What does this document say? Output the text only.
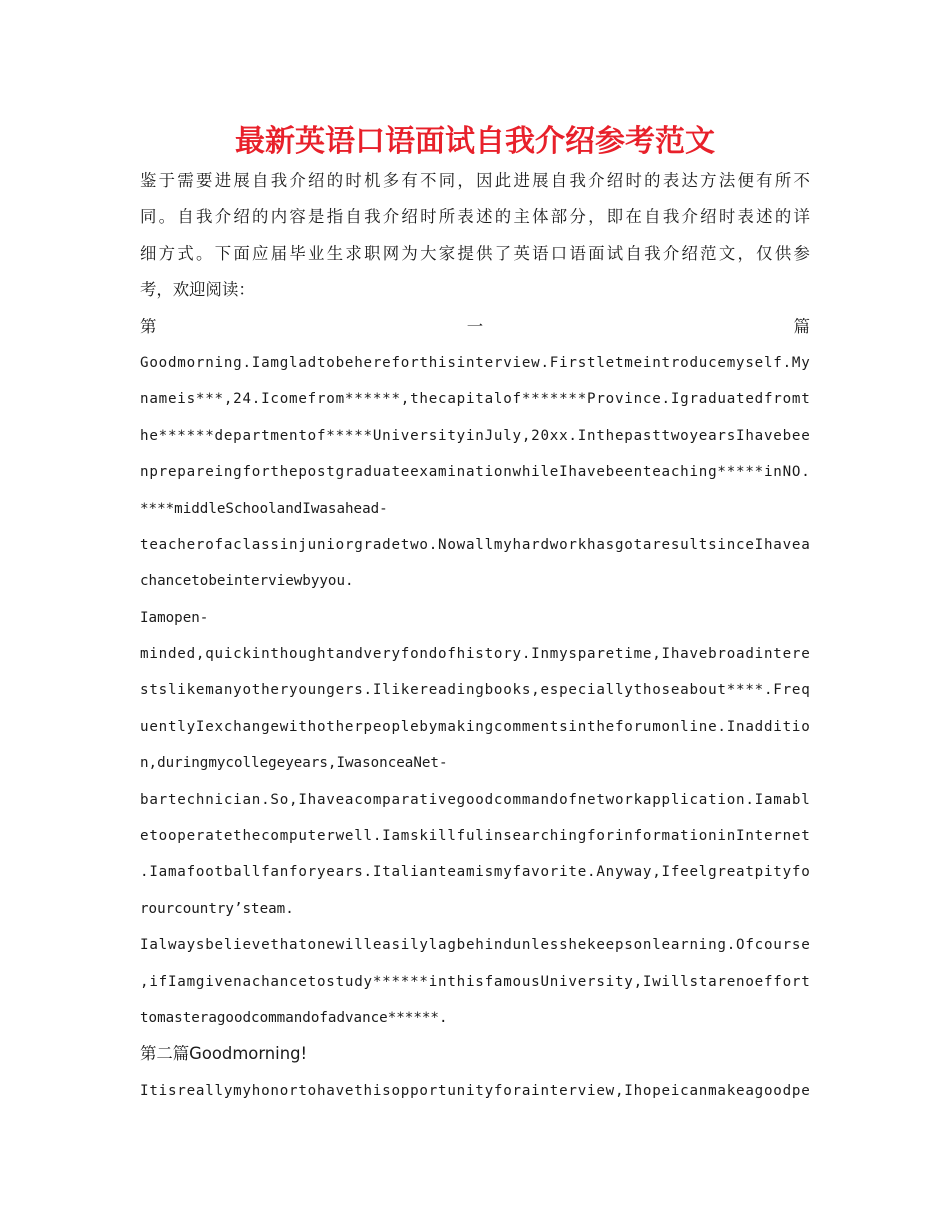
最新英语口语面试自我介绍参考范文
鉴 于 需 要 进 展 自 我 介 绍 的 时 机 多 有 不 同 ， 因 此 进 展 自 我 介 绍 时 的 表 达 方 法 便 有 所 不
同 。 自 我 介 绍 的 内 容 是 指 自 我 介 绍 时 所 表 述 的 主 体 部 分 ， 即 在 自 我 介 绍 时 表 述 的 详
细 方 式 。 下 面 应 届 毕 业 生 求 职 网 为 大 家 提 供 了 英 语 口 语 面 试 自 我 介 绍 范 文 ， 仅 供 参
考，欢迎阅读：
第	一	篇
G o o d m o r n i n g . I a m g l a d t o b e h e r e f o r t h i s i n t e r v i e w . F i r s t l e t m e i n t r o d u c e m y s e l f . M y
n a m e i s * * * , 2 4 . I c o m e f r o m * * * * * * , t h e c a p i t a l o f * * * * * * * P r o v i n c e . I g r a d u a t e d f r o m t
h e * * * * * * d e p a r t m e n t o f * * * * * U n i v e r s i t y i n J u l y , 2 0 x x . I n t h e p a s t t w o y e a r s I h a v e b e e
n p r e p a r e i n g f o r t h e p o s t g r a d u a t e e x a m i n a t i o n w h i l e I h a v e b e e n t e a c h i n g * * * * * i n N O .
****middleSchoolandIwasahead-
t e a c h e r o f a c l a s s i n j u n i o r g r a d e t w o . N o w a l l m y h a r d w o r k h a s g o t a r e s u l t s i n c e I h a v e a
chancetobeinterviewbyyou.
Iamopen-
m i n d e d , q u i c k i n t h o u g h t a n d v e r y f o n d o f h i s t o r y . I n m y s p a r e t i m e , I h a v e b r o a d i n t e r e
s t s l i k e m a n y o t h e r y o u n g e r s . I l i k e r e a d i n g b o o k s , e s p e c i a l l y t h o s e a b o u t * * * * . F r e q
u e n t l y I e x c h a n g e w i t h o t h e r p e o p l e b y m a k i n g c o m m e n t s i n t h e f o r u m o n l i n e . I n a d d i t i o
n,duringmycollegeyears,IwasonceaNet-
b a r t e c h n i c i a n . S o , I h a v e a c o m p a r a t i v e g o o d c o m m a n d o f n e t w o r k a p p l i c a t i o n . I a m a b l
e t o o p e r a t e t h e c o m p u t e r w e l l . I a m s k i l l f u l i n s e a r c h i n g f o r i n f o r m a t i o n i n I n t e r n e t
. I a m a f o o t b a l l f a n f o r y e a r s . I t a l i a n t e a m i s m y f a v o r i t e . A n y w a y , I f e e l g r e a t p i t y f o
rourcountry’steam.
I a l w a y s b e l i e v e t h a t o n e w i l l e a s i l y l a g b e h i n d u n l e s s h e k e e p s o n l e a r n i n g . O f c o u r s e
, i f I a m g i v e n a c h a n c e t o s t u d y * * * * * * i n t h i s f a m o u s U n i v e r s i t y , I w i l l s t a r e n o e f f o r t
tomasteragoodcommandofadvance******.
第二篇Goodmorning!
I t i s r e a l l y m y h o n o r t o h a v e t h i s o p p o r t u n i t y f o r a i n t e r v i e w , I h o p e i c a n m a k e a g o o d p e
